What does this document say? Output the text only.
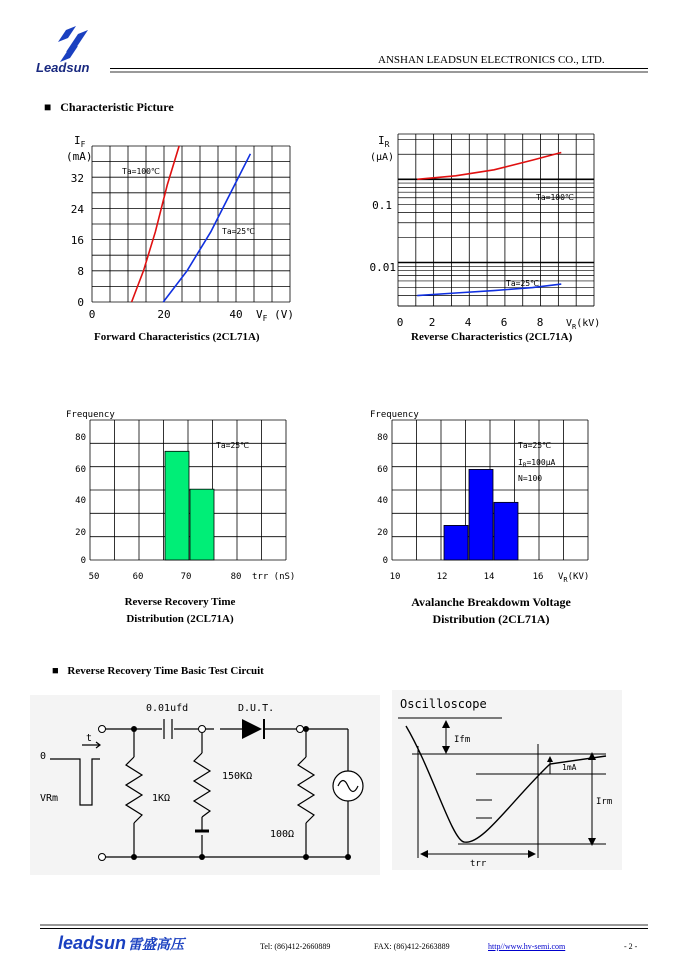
Leadsun	ANSHAN LEADSUN ELECTRONICS CO., LTD.
■ Characteristic Picture
$I_F$
(mA)
32
24
16
8
0
0	20	40 $V_F$ (V)
Ta=100℃
Ta=25℃
Forward Characteristics (2CL71A)
$I_R$
(μA)
0.1
0.01
0 2	4	6	8 $V_R(kV)$
Ta=100℃
Ta=25℃
Reverse Characteristics (2CL71A)
Frequency
80
60
40
20
0
50	60	70	80 trr (nS)
Ta=25℃
Reverse Recovery Time
Distribution (2CL71A)
Frequency
80
60
40
20
0
10	12	14	16 $V_R(KV)$
Ta=25℃
$I_R=100\mu A$
N=100
Avalanche Breakdowm Voltage
Distribution (2CL71A)
■ Reverse Recovery Time Basic Test Circuit
0.01ufd	D.U.T.
t
0
VRm	1KΩ
150KΩ
100Ω
Oscilloscope
Ifm
1mA
Irm
trr
leadsun 雷盛高压	Tel: (86)412-2660889	FAX: (86)412-2663889	http//www.hv-semi.com	- 2 -
